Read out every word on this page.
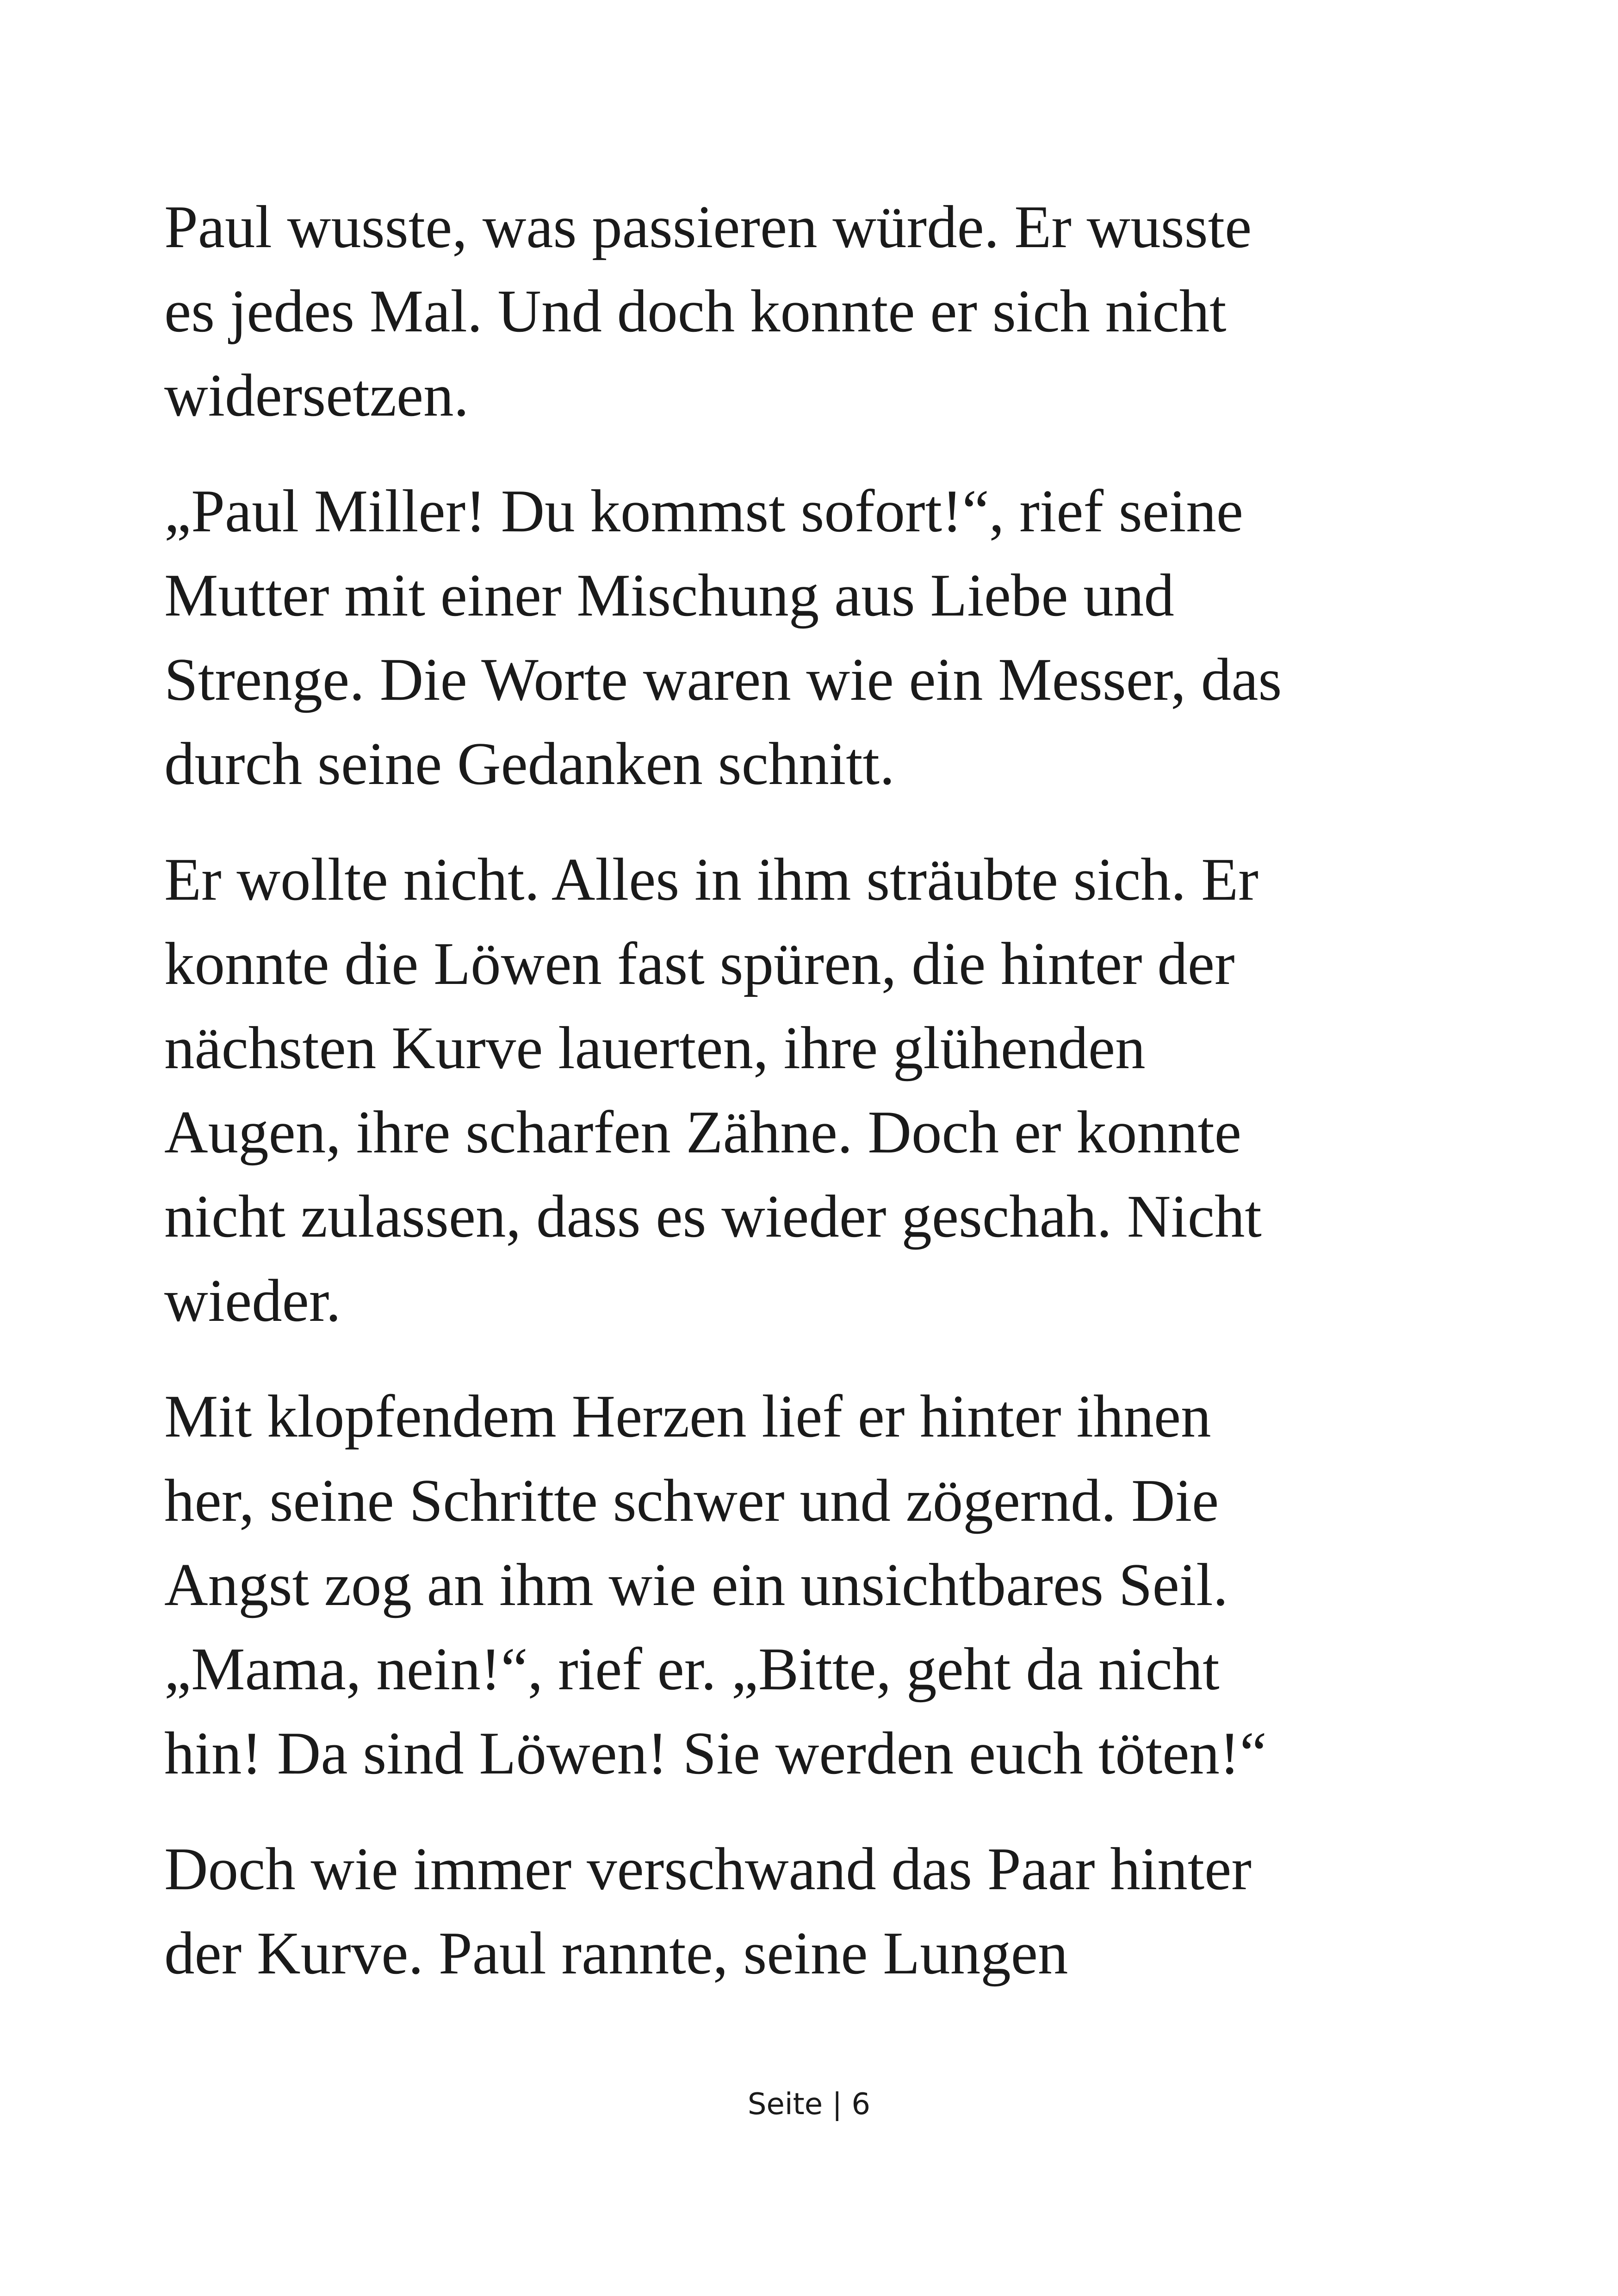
Paul wusste, was passieren würde. Er wusste
es jedes Mal. Und doch konnte er sich nicht
widersetzen.

„Paul Miller! Du kommst sofort!“, rief seine
Mutter mit einer Mischung aus Liebe und
Strenge. Die Worte waren wie ein Messer, das
durch seine Gedanken schnitt.

Er wollte nicht. Alles in ihm sträubte sich. Er
konnte die Löwen fast spüren, die hinter der
nächsten Kurve lauerten, ihre glühenden
Augen, ihre scharfen Zähne. Doch er konnte
nicht zulassen, dass es wieder geschah. Nicht
wieder.

Mit klopfendem Herzen lief er hinter ihnen
her, seine Schritte schwer und zögernd. Die
Angst zog an ihm wie ein unsichtbares Seil.
„Mama, nein!“, rief er. „Bitte, geht da nicht
hin! Da sind Löwen! Sie werden euch töten!“

Doch wie immer verschwand das Paar hinter
der Kurve. Paul rannte, seine Lungen

Seite | 6
